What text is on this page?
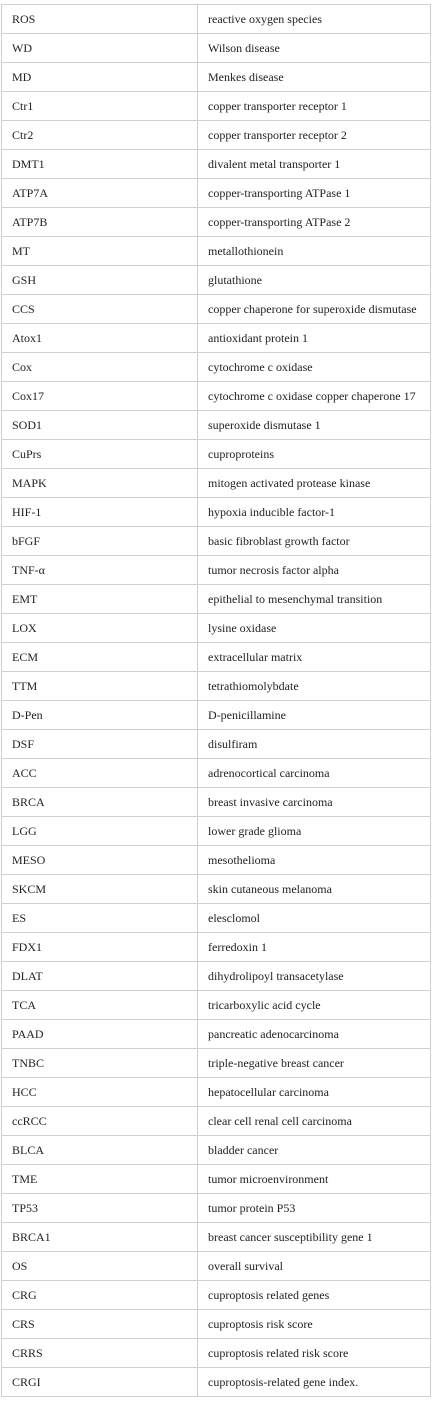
ROS	reactive oxygen species
WD	Wilson disease
MD	Menkes disease
Ctr1	copper transporter receptor 1
Ctr2	copper transporter receptor 2
DMT1	divalent metal transporter 1
ATP7A	copper-transporting ATPase 1
ATP7B	copper-transporting ATPase 2
MT	metallothionein
GSH	glutathione
CCS	copper chaperone for superoxide dismutase
Atox1	antioxidant protein 1
Cox	cytochrome c oxidase
Cox17	cytochrome c oxidase copper chaperone 17
SOD1	superoxide dismutase 1
CuPrs	cuproproteins
MAPK	mitogen activated protease kinase
HIF-1	hypoxia inducible factor-1
bFGF	basic fibroblast growth factor
TNF-α	tumor necrosis factor alpha
EMT	epithelial to mesenchymal transition
LOX	lysine oxidase
ECM	extracellular matrix
TTM	tetrathiomolybdate
D-Pen	D-penicillamine
DSF	disulfiram
ACC	adrenocortical carcinoma
BRCA	breast invasive carcinoma
LGG	lower grade glioma
MESO	mesothelioma
SKCM	skin cutaneous melanoma
ES	elesclomol
FDX1	ferredoxin 1
DLAT	dihydrolipoyl transacetylase
TCA	tricarboxylic acid cycle
PAAD	pancreatic adenocarcinoma
TNBC	triple-negative breast cancer
HCC	hepatocellular carcinoma
ccRCC	clear cell renal cell carcinoma
BLCA	bladder cancer
TME	tumor microenvironment
TP53	tumor protein P53
BRCA1	breast cancer susceptibility gene 1
OS	overall survival
CRG	cuproptosis related genes
CRS	cuproptosis risk score
CRRS	cuproptosis related risk score
CRGI	cuproptosis-related gene index.
